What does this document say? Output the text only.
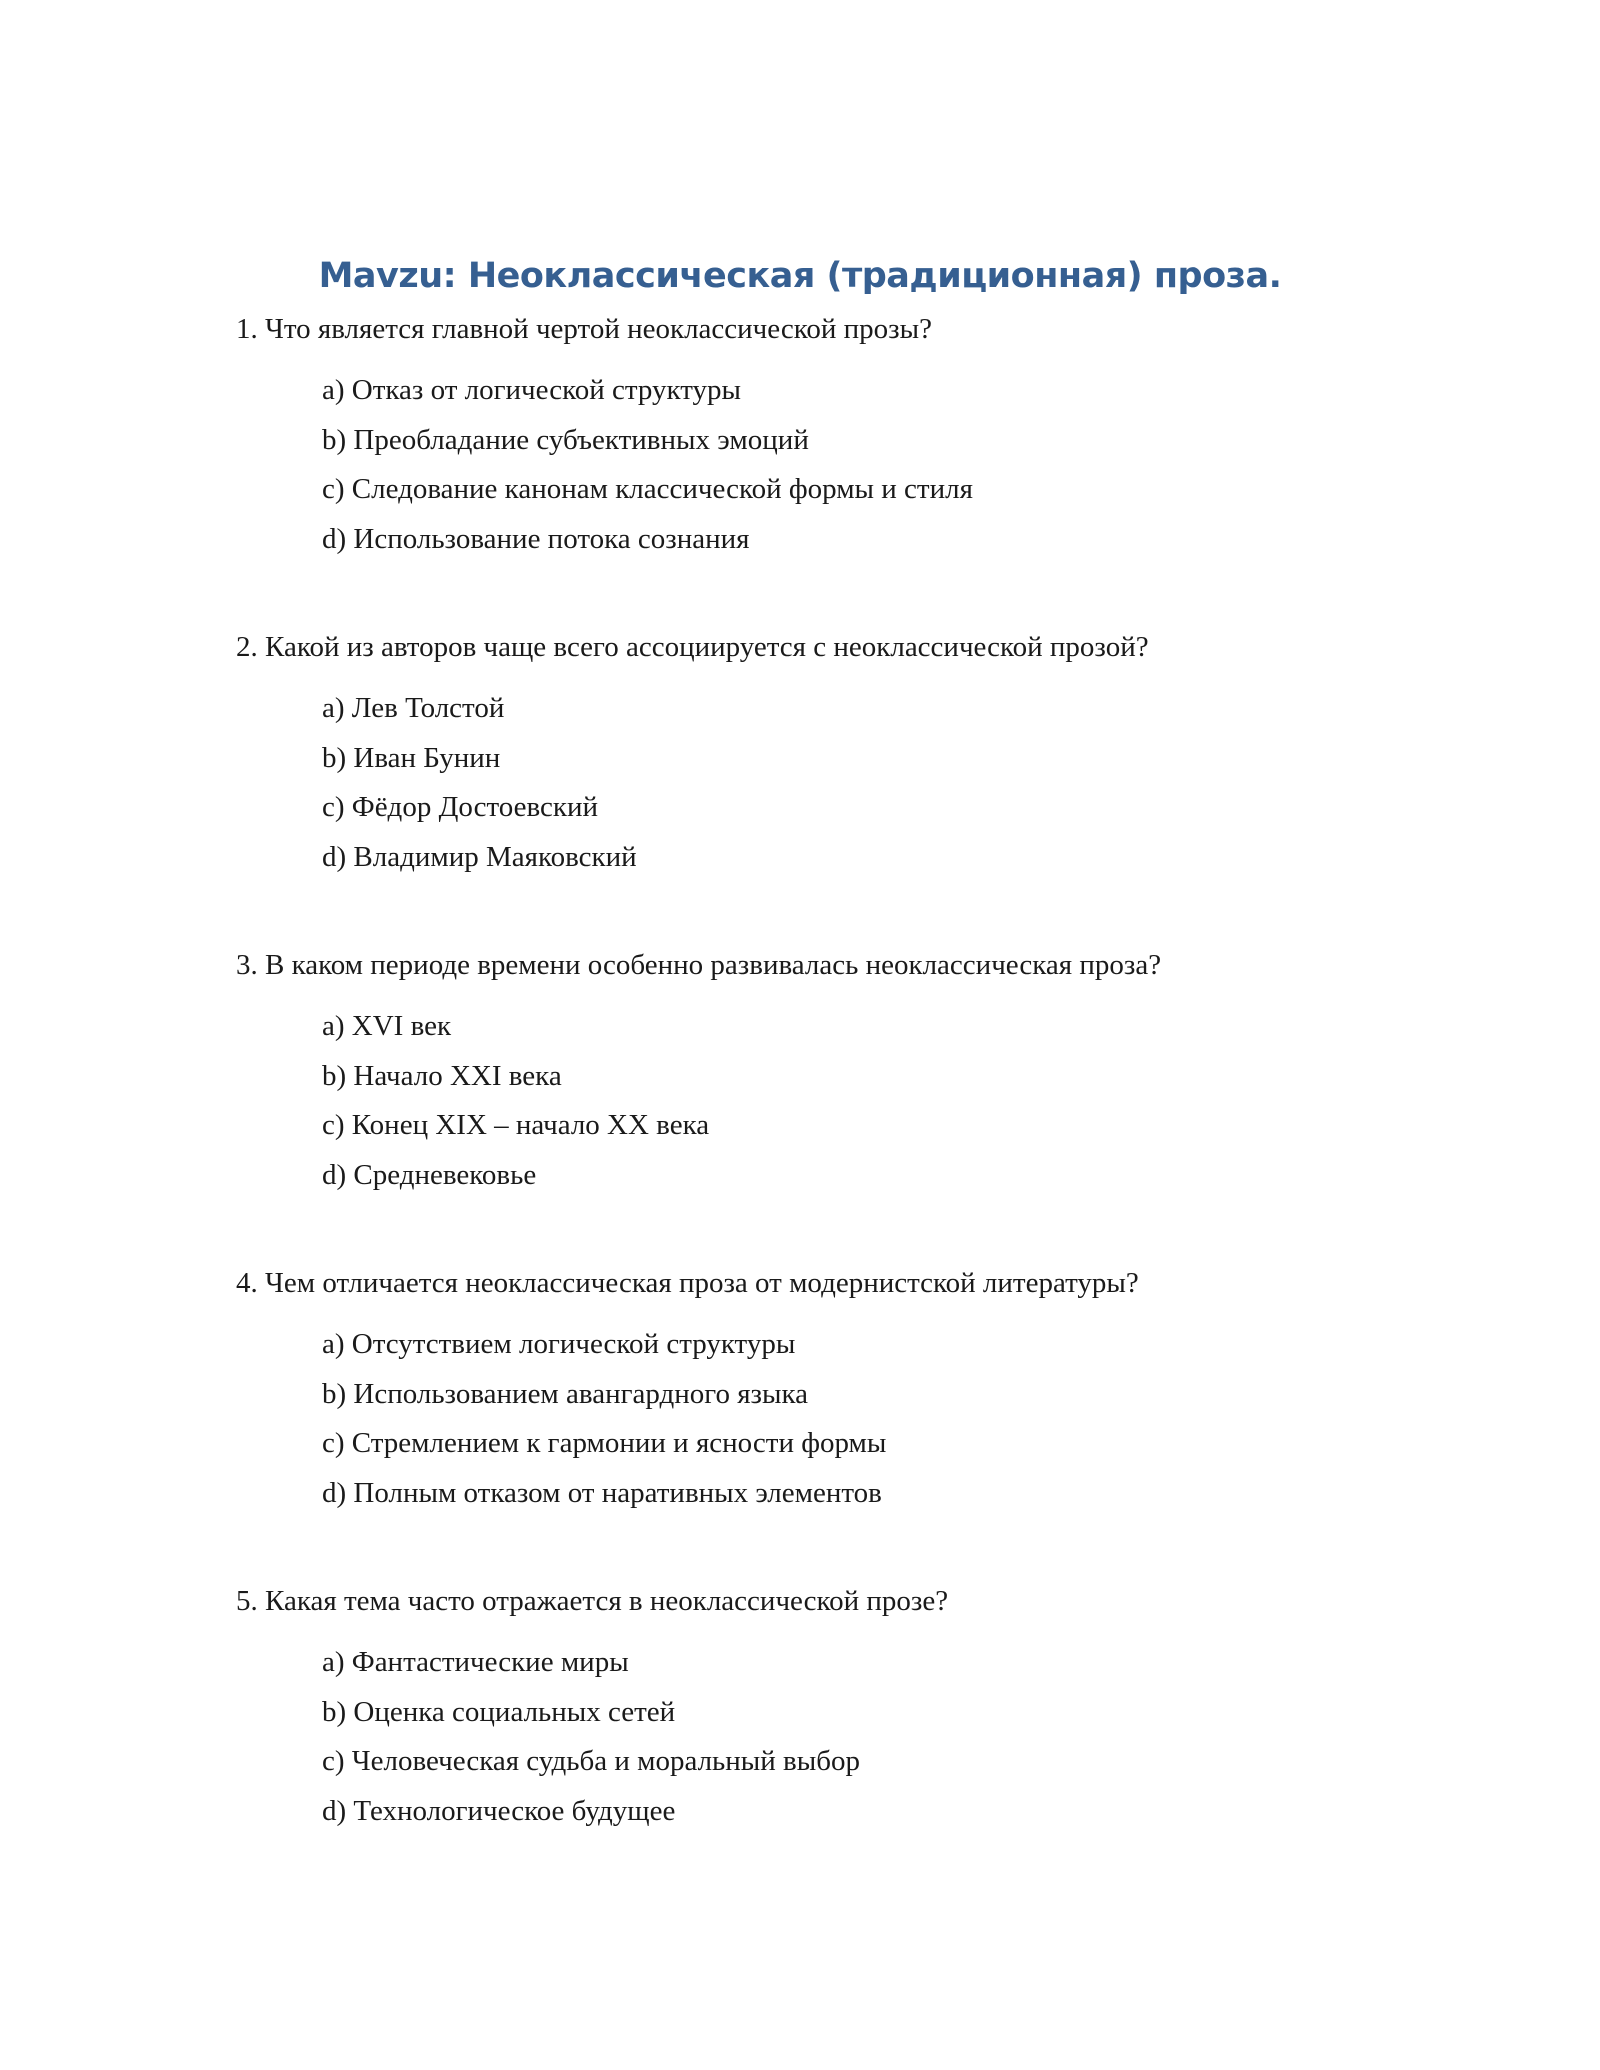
Mavzu: Неоклассическая (традиционная) проза.
1. Что является главной чертой неоклассической прозы?
a) Отказ от логической структуры
b) Преобладание субъективных эмоций
c) Следование канонам классической формы и стиля
d) Использование потока сознания
2. Какой из авторов чаще всего ассоциируется с неоклассической прозой?
a) Лев Толстой
b) Иван Бунин
c) Фёдор Достоевский
d) Владимир Маяковский
3. В каком периоде времени особенно развивалась неоклассическая проза?
a) XVI век
b) Начало XXI века
c) Конец XIX – начало XX века
d) Средневековье
4. Чем отличается неоклассическая проза от модернистской литературы?
a) Отсутствием логической структуры
b) Использованием авангардного языка
c) Стремлением к гармонии и ясности формы
d) Полным отказом от наративных элементов
5. Какая тема часто отражается в неоклассической прозе?
a) Фантастические миры
b) Оценка социальных сетей
c) Человеческая судьба и моральный выбор
d) Технологическое будущее
